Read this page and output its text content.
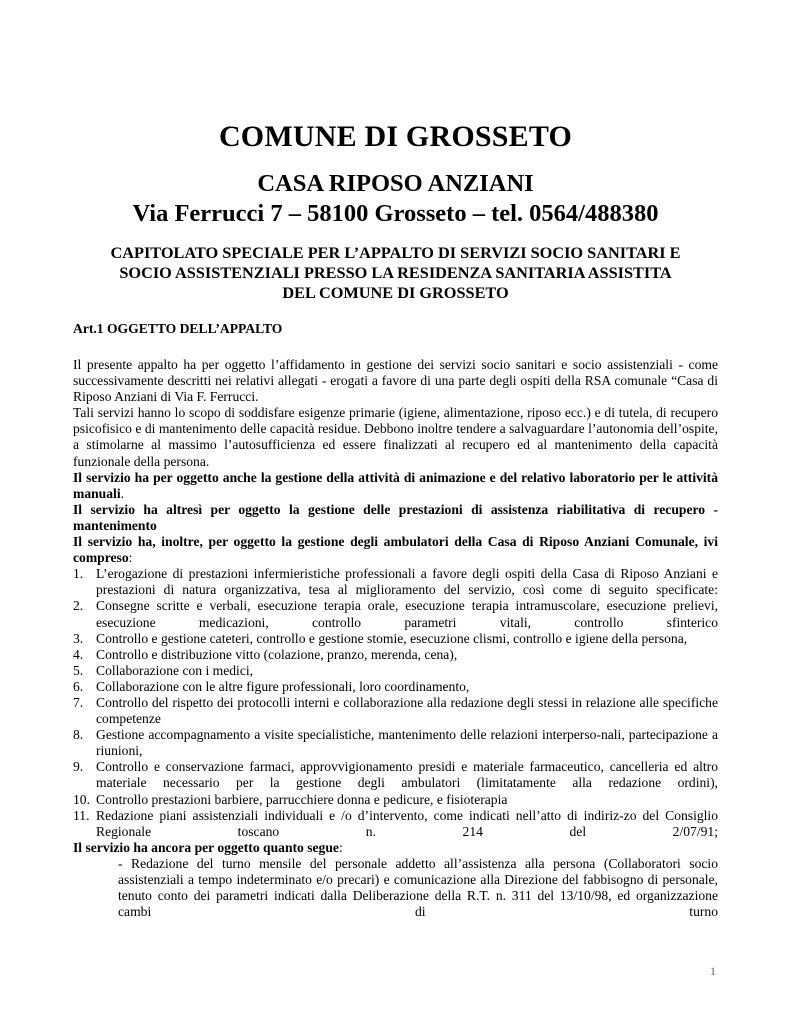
COMUNE DI GROSSETO
CASA RIPOSO ANZIANI
Via Ferrucci 7 – 58100 Grosseto – tel. 0564/488380
CAPITOLATO SPECIALE PER L’APPALTO DI SERVIZI SOCIO SANITARI E
SOCIO ASSISTENZIALI PRESSO LA RESIDENZA SANITARIA ASSISTITA
DEL COMUNE DI GROSSETO
Art.1 OGGETTO DELL’APPALTO

Il presente appalto ha per oggetto l’affidamento in gestione dei servizi socio sanitari e socio assistenziali - come successivamente descritti nei relativi allegati - erogati a favore di una parte degli ospiti della RSA comunale “Casa di Riposo Anziani di Via F. Ferrucci.

Tali servizi hanno lo scopo di soddisfare esigenze primarie (igiene, alimentazione, riposo ecc.) e di tutela, di recupero psicofisico e di mantenimento delle capacità residue. Debbono inoltre tendere a salvaguardare l’autonomia dell’ospite, a stimolarne al massimo l’autosufficienza ed essere finalizzati al recupero ed al mantenimento della capacità funzionale della persona.

Il servizio ha per oggetto anche la gestione della attività di animazione e del relativo laboratorio per le attività manuali.

Il servizio ha altresì per oggetto la gestione delle prestazioni di assistenza riabilitativa di recupero - mantenimento

Il servizio ha, inoltre, per oggetto la gestione degli ambulatori della Casa di Riposo Anziani Comunale, ivi compreso:

1. L’erogazione di prestazioni infermieristiche professionali a favore degli ospiti della Casa di Riposo Anziani e prestazioni di natura organizzativa, tesa al miglioramento del servizio, così come di seguito specificate:
2. Consegne scritte e verbali, esecuzione terapia orale, esecuzione terapia intramuscolare, esecuzione prelievi, esecuzione medicazioni, controllo parametri vitali, controllo sfinterico
3. Controllo e gestione cateteri, controllo e gestione stomie, esecuzione clismi, controllo e igiene della persona,
4. Controllo e distribuzione vitto (colazione, pranzo, merenda, cena),
5. Collaborazione con i medici,
6. Collaborazione con le altre figure professionali, loro coordinamento,
7. Controllo del rispetto dei protocolli interni e collaborazione alla redazione degli stessi in relazione alle specifiche competenze
8. Gestione accompagnamento a visite specialistiche, mantenimento delle relazioni interperso-nali, partecipazione a riunioni,
9. Controllo e conservazione farmaci, approvvigionamento presidi e materiale farmaceutico, cancelleria ed altro materiale necessario per la gestione degli ambulatori (limitatamente alla redazione ordini),
10. Controllo prestazioni barbiere, parrucchiere donna e pedicure, e fisioterapia
11. Redazione piani assistenziali individuali e /o d’intervento, come indicati nell’atto di indiriz-zo del Consiglio Regionale toscano n. 214 del 2/07/91;

Il servizio ha ancora per oggetto quanto segue:

- Redazione del turno mensile del personale addetto all’assistenza alla persona (Collaboratori socio assistenziali a tempo indeterminato e/o precari) e comunicazione alla Direzione del fabbisogno di personale, tenuto conto dei parametri indicati dalla Deliberazione della R.T. n. 311 del 13/10/98, ed organizzazione cambi di turno

1
